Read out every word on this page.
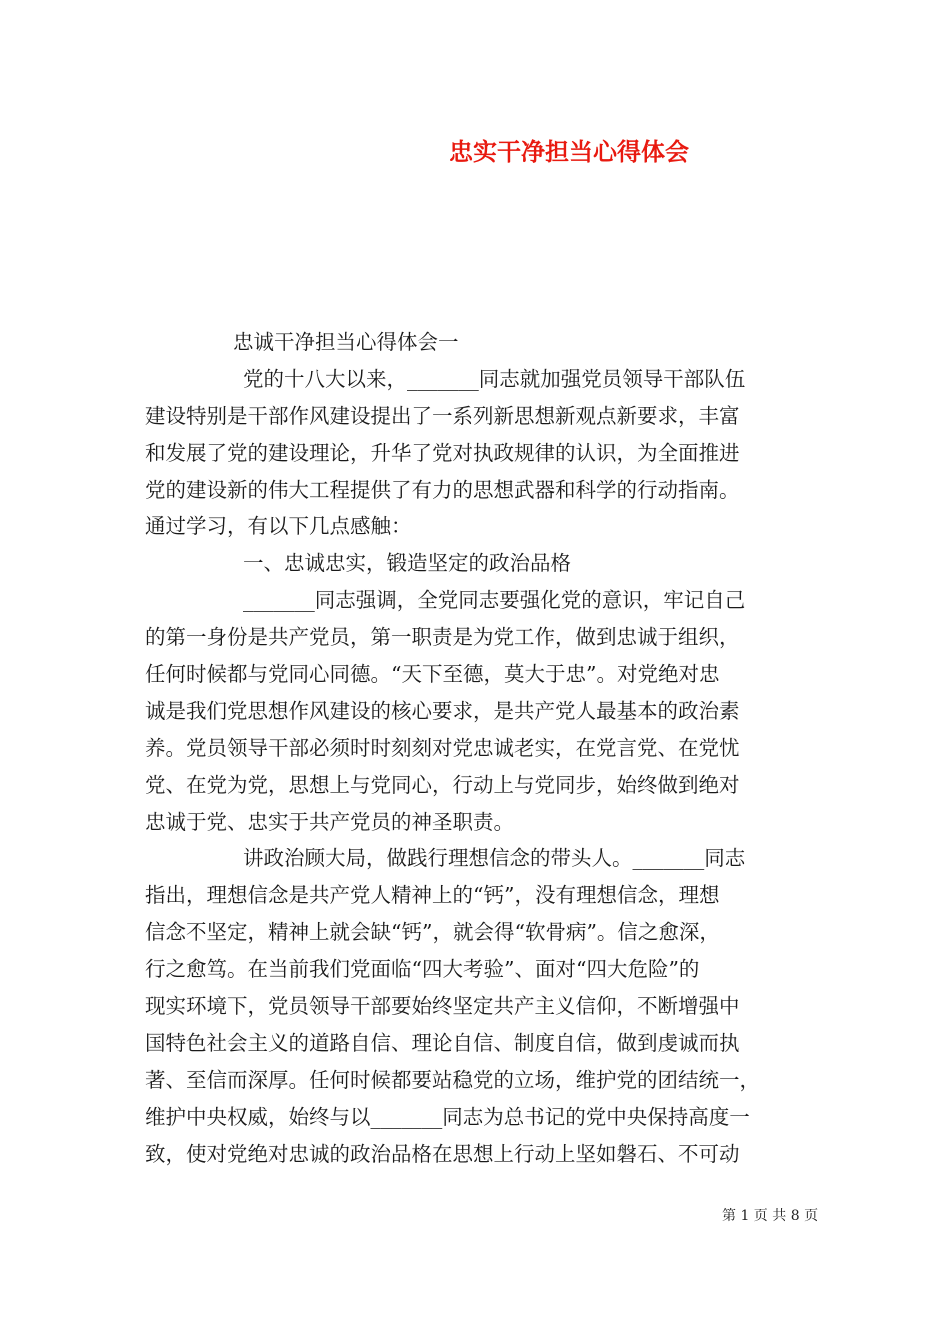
忠实干净担当心得体会
忠诚干净担当心得体会一
党的十八大以来，_______同志就加强党员领导干部队伍
建设特别是干部作风建设提出了一系列新思想新观点新要求，丰富
和发展了党的建设理论，升华了党对执政规律的认识，为全面推进
党的建设新的伟大工程提供了有力的思想武器和科学的行动指南。
通过学习，有以下几点感触：
一、忠诚忠实，锻造坚定的政治品格
_______同志强调，全党同志要强化党的意识，牢记自己
的第一身份是共产党员，第一职责是为党工作，做到忠诚于组织，
任何时候都与党同心同德。“天下至德，莫大于忠”。对党绝对忠
诚是我们党思想作风建设的核心要求，是共产党人最基本的政治素
养。党员领导干部必须时时刻刻对党忠诚老实，在党言党、在党忧
党、在党为党，思想上与党同心，行动上与党同步，始终做到绝对
忠诚于党、忠实于共产党员的神圣职责。
讲政治顾大局，做践行理想信念的带头人。_______同志
指出，理想信念是共产党人精神上的“钙”，没有理想信念，理想
信念不坚定，精神上就会缺“钙”，就会得“软骨病”。信之愈深，
行之愈笃。在当前我们党面临“四大考验”、面对“四大危险”的
现实环境下，党员领导干部要始终坚定共产主义信仰，不断增强中
国特色社会主义的道路自信、理论自信、制度自信，做到虔诚而执
著、至信而深厚。任何时候都要站稳党的立场，维护党的团结统一，
维护中央权威，始终与以_______同志为总书记的党中央保持高度一
致，使对党绝对忠诚的政治品格在思想上行动上坚如磐石、不可动
第 1 页 共 8 页
